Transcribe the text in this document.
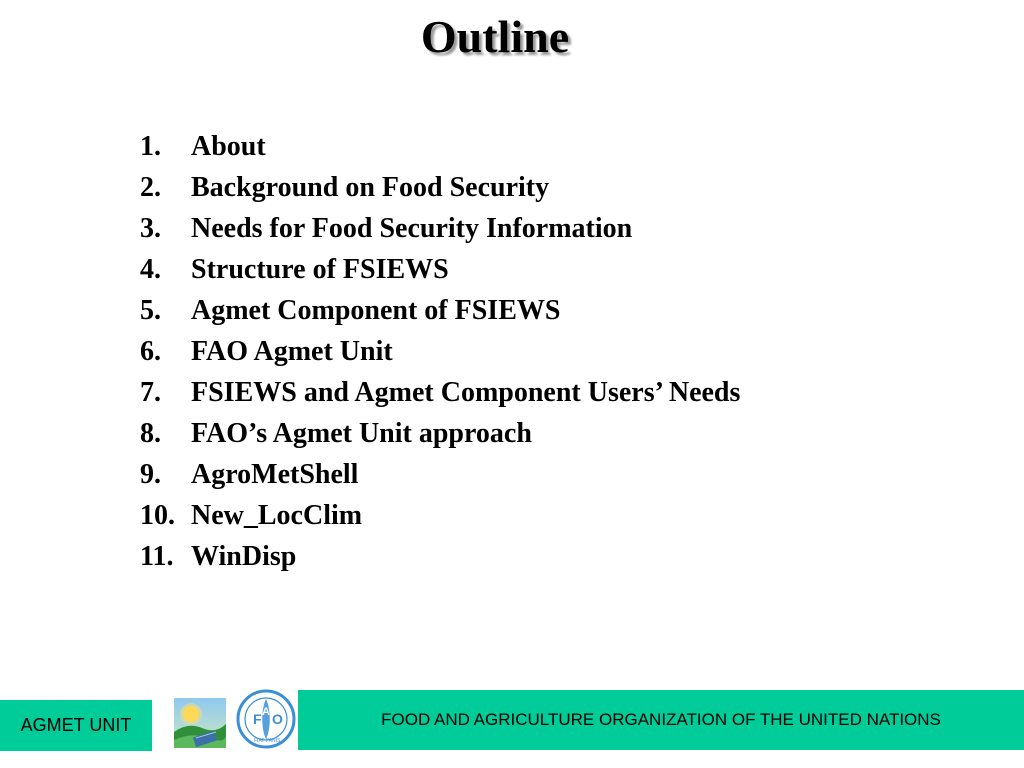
Outline
1.	About
2.	Background on Food Security
3.	Needs for Food Security Information
4.	Structure of FSIEWS
5.	Agmet Component of FSIEWS
6.	FAO Agmet Unit
7.	FSIEWS and Agmet Component Users’ Needs
8.	FAO’s Agmet Unit approach
9.	AgroMetShell
10. New_LocClim
11. WinDisp
AGMET UNIT	F A O
FIAT PANIS
FOOD AND AGRICULTURE ORGANIZATION OF THE UNITED NATIONS
